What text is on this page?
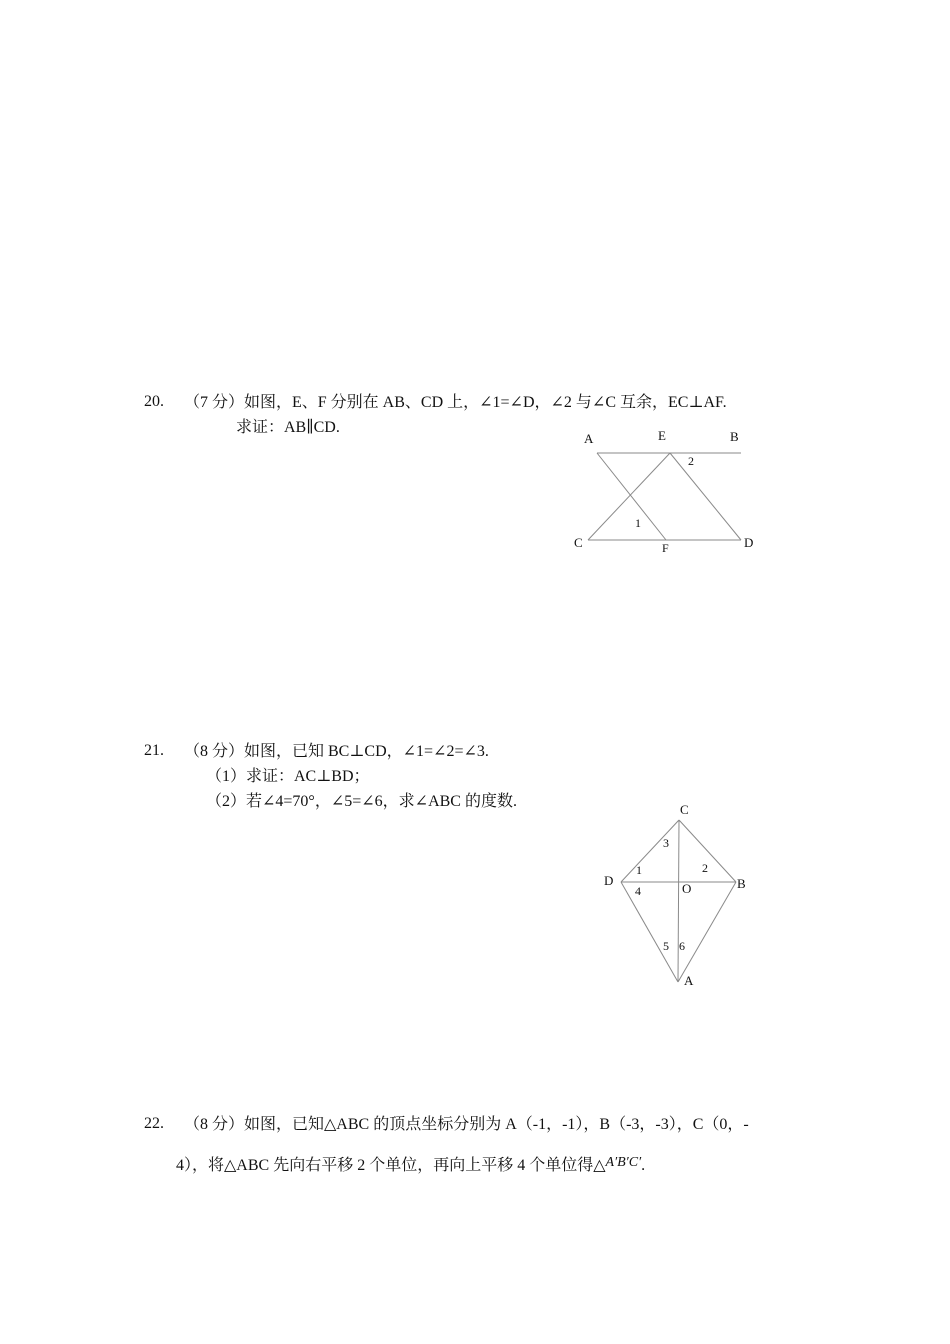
20. （7 分）如图，E、F 分别在 AB、CD 上，∠1=∠D，∠2 与∠C 互余，EC⊥AF.
求证：AB∥CD.
A	E	B
2
1
C	F	D
21. （8 分）如图，已知 BC⊥CD，∠1=∠2=∠3.
（1）求证：AC⊥BD；
（2）若∠4=70°，∠5=∠6，求∠ABC 的度数.	C
3
1	2
D	B
4	O
5 6
A
22. （8 分）如图，已知△ABC 的顶点坐标分别为 A（-1，-1），B（-3，-3），C（0，-
4），将△ABC 先向右平移 2 个单位，再向上平移 4 个单位得△A′B′C′.
